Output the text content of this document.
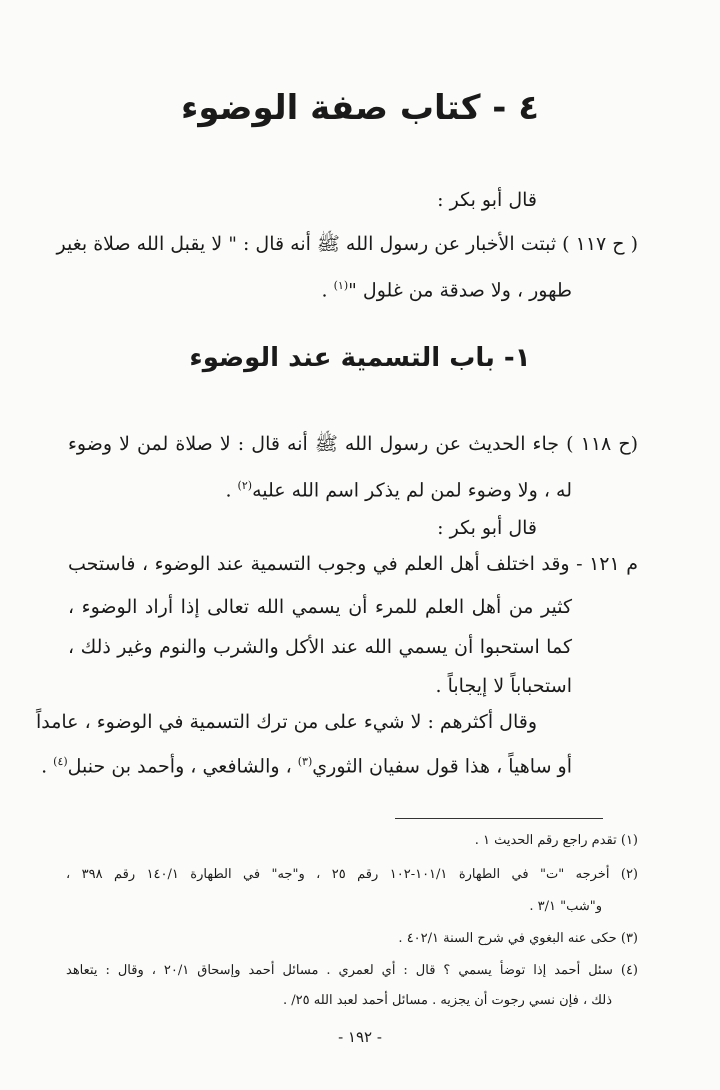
٤ - كتاب صفة الوضوء
قال أبو بكر :
( ح ١١٧ ) ثبتت الأخبار عن رسول الله ﷺ أنه قال : " لا يقبل الله صلاة بغير
طهور ، ولا صدقة من غلول "$^{(١)}$ .
١- باب التسمية عند الوضوء
(ح ١١٨ ) جاء الحديث عن رسول الله ﷺ أنه قال : لا صلاة لمن لا وضوء
له ، ولا وضوء لمن لم يذكر اسم الله عليه$^{(٢)}$ .
قال أبو بكر :
م ١٢١ - وقد اختلف أهل العلم في وجوب التسمية عند الوضوء ، فاستحب
كثير من أهل العلم للمرء أن يسمي الله تعالى إذا أراد الوضوء ،
كما استحبوا أن يسمي الله عند الأكل والشرب والنوم وغير ذلك ،
استحباباً لا إيجاباً .
وقال أكثرهم : لا شيء على من ترك التسمية في الوضوء ، عامداً
أو ساهياً ، هذا قول سفيان الثوري$^{(٣)}$ ، والشافعي ، وأحمد بن حنبل$^{(٤)}$ .
(١) تقدم راجع رقم الحديث ١ .
(٢) أخرجه "ت" في الطهارة ١٠١/١-١٠٢ رقم ٢٥ ، و"جه" في الطهارة ١٤٠/١ رقم ٣٩٨ ،
و"شب" ٣/١ .
(٣) حكى عنه البغوي في شرح السنة ٤٠٢/١ .
(٤) سئل أحمد إذا توضأ يسمي ؟ قال : أي لعمري . مسائل أحمد وإسحاق ٢٠/١ ، وقال : يتعاهد
ذلك ، فإن نسي رجوت أن يجزيه . مسائل أحمد لعبد الله ٢٥/ .
- ١٩٢ -
